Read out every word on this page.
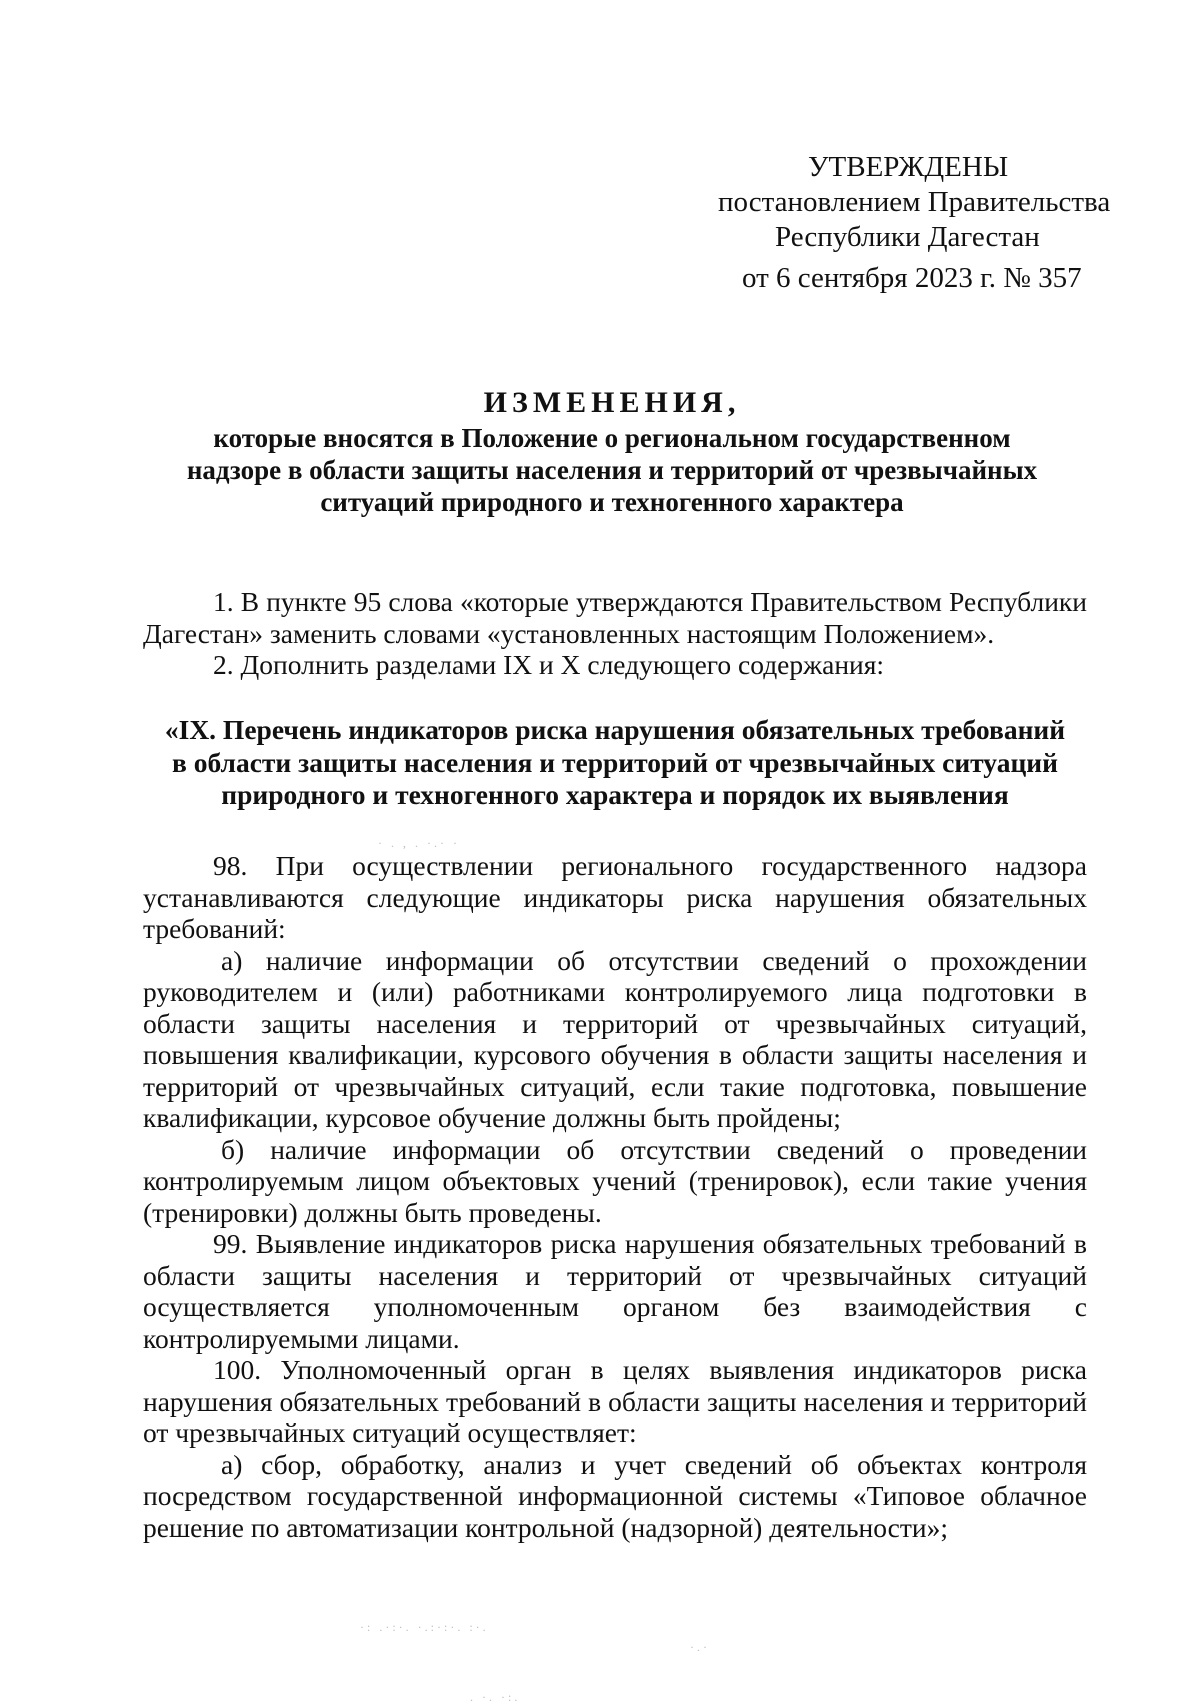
УТВЕРЖДЕНЫ
постановлением Правительства
Республики Дагестан
от 6 сентября 2023 г. № 357
ИЗМЕНЕНИЯ,
которые вносятся в Положение о региональном государственном
надзоре в области защиты населения и территорий от чрезвычайных
ситуаций природного и техногенного характера

1. В пункте 95 слова «которые утверждаются Правительством Республики Дагестан» заменить словами «установленных настоящим Положением».

2. Дополнить разделами IX и X следующего содержания:

«IX. Перечень индикаторов риска нарушения обязательных требований
в области защиты населения и территорий от чрезвычайных ситуаций
природного и техногенного характера и порядок их выявления
· . , . ·.· ·

98. При осуществлении регионального государственного надзора устанавливаются следующие индикаторы риска нарушения обязательных требований:

а) наличие информации об отсутствии сведений о прохождении руководителем и (или) работниками контролируемого лица подготовки в области защиты населения и территорий от чрезвычайных ситуаций, повышения квалификации, курсового обучения в области защиты населения и территорий от чрезвычайных ситуаций, если такие подготовка, повышение квалификации, курсовое обучение должны быть пройдены;

б) наличие информации об отсутствии сведений о проведении контролируемым лицом объектовых учений (тренировок), если такие учения (тренировки) должны быть проведены.

99. Выявление индикаторов риска нарушения обязательных требований в области защиты населения и территорий от чрезвычайных ситуаций осуществляется уполномоченным органом без взаимодействия с контролируемыми лицами.

100. Уполномоченный орган в целях выявления индикаторов риска нарушения обязательных требований в области защиты населения и территорий от чрезвычайных ситуаций осуществляет:

а) сбор, обработку, анализ и учет сведений об объектах контроля посредством государственной информационной системы «Типовое облачное решение по автоматизации контрольной (надзорной) деятельности»;

·: .·:·. ·.:·:·. :·.
·.·
. ·. ·:.
